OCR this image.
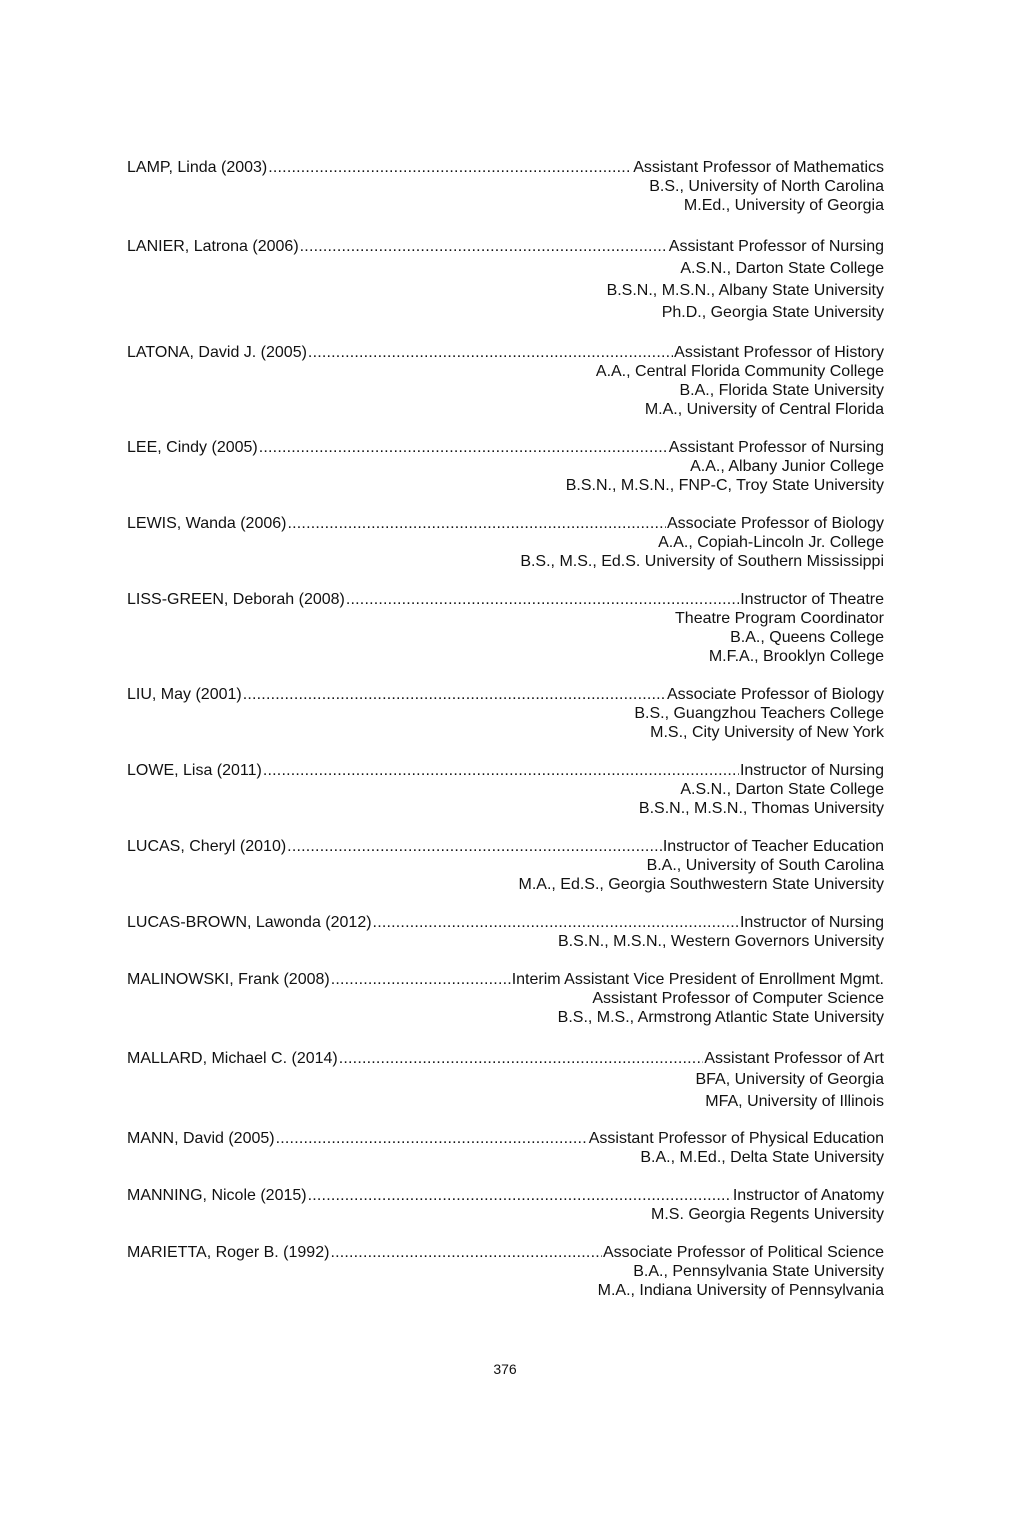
LAMP, Linda (2003) .....	Assistant Professor of Mathematics
B.S., University of North Carolina
M.Ed., University of Georgia
LANIER, Latrona (2006) .....	Assistant Professor of Nursing
A.S.N., Darton State College
B.S.N., M.S.N., Albany State University
Ph.D., Georgia State University
LATONA, David J. (2005) .....	Assistant Professor of History
A.A., Central Florida Community College
B.A., Florida State University
M.A., University of Central Florida
LEE, Cindy (2005) .....	Assistant Professor of Nursing
A.A., Albany Junior College
B.S.N., M.S.N., FNP-C, Troy State University
LEWIS, Wanda (2006) .....	Associate Professor of Biology
A.A., Copiah-Lincoln Jr. College
B.S., M.S., Ed.S. University of Southern Mississippi
LISS-GREEN, Deborah (2008) .....	Instructor of Theatre
Theatre Program Coordinator
B.A., Queens College
M.F.A., Brooklyn College
LIU, May (2001) .....	Associate Professor of Biology
B.S., Guangzhou Teachers College
M.S., City University of New York
LOWE, Lisa (2011) .....	Instructor of Nursing
A.S.N., Darton State College
B.S.N., M.S.N., Thomas University
LUCAS, Cheryl (2010) .....	Instructor of Teacher Education
B.A., University of South Carolina
M.A., Ed.S., Georgia Southwestern State University
LUCAS-BROWN, Lawonda (2012) .....	Instructor of Nursing
B.S.N., M.S.N., Western Governors University
MALINOWSKI, Frank (2008) .....	Interim Assistant Vice President of Enrollment Mgmt.
Assistant Professor of Computer Science
B.S., M.S., Armstrong Atlantic State University
MALLARD, Michael C. (2014) .....	Assistant Professor of Art
BFA, University of Georgia
MFA, University of Illinois
MANN, David (2005) .....	Assistant Professor of Physical Education
B.A., M.Ed., Delta State University
MANNING, Nicole (2015) .....	Instructor of Anatomy
M.S. Georgia Regents University
MARIETTA, Roger B. (1992) .....	Associate Professor of Political Science
B.A., Pennsylvania State University
M.A., Indiana University of Pennsylvania
376
